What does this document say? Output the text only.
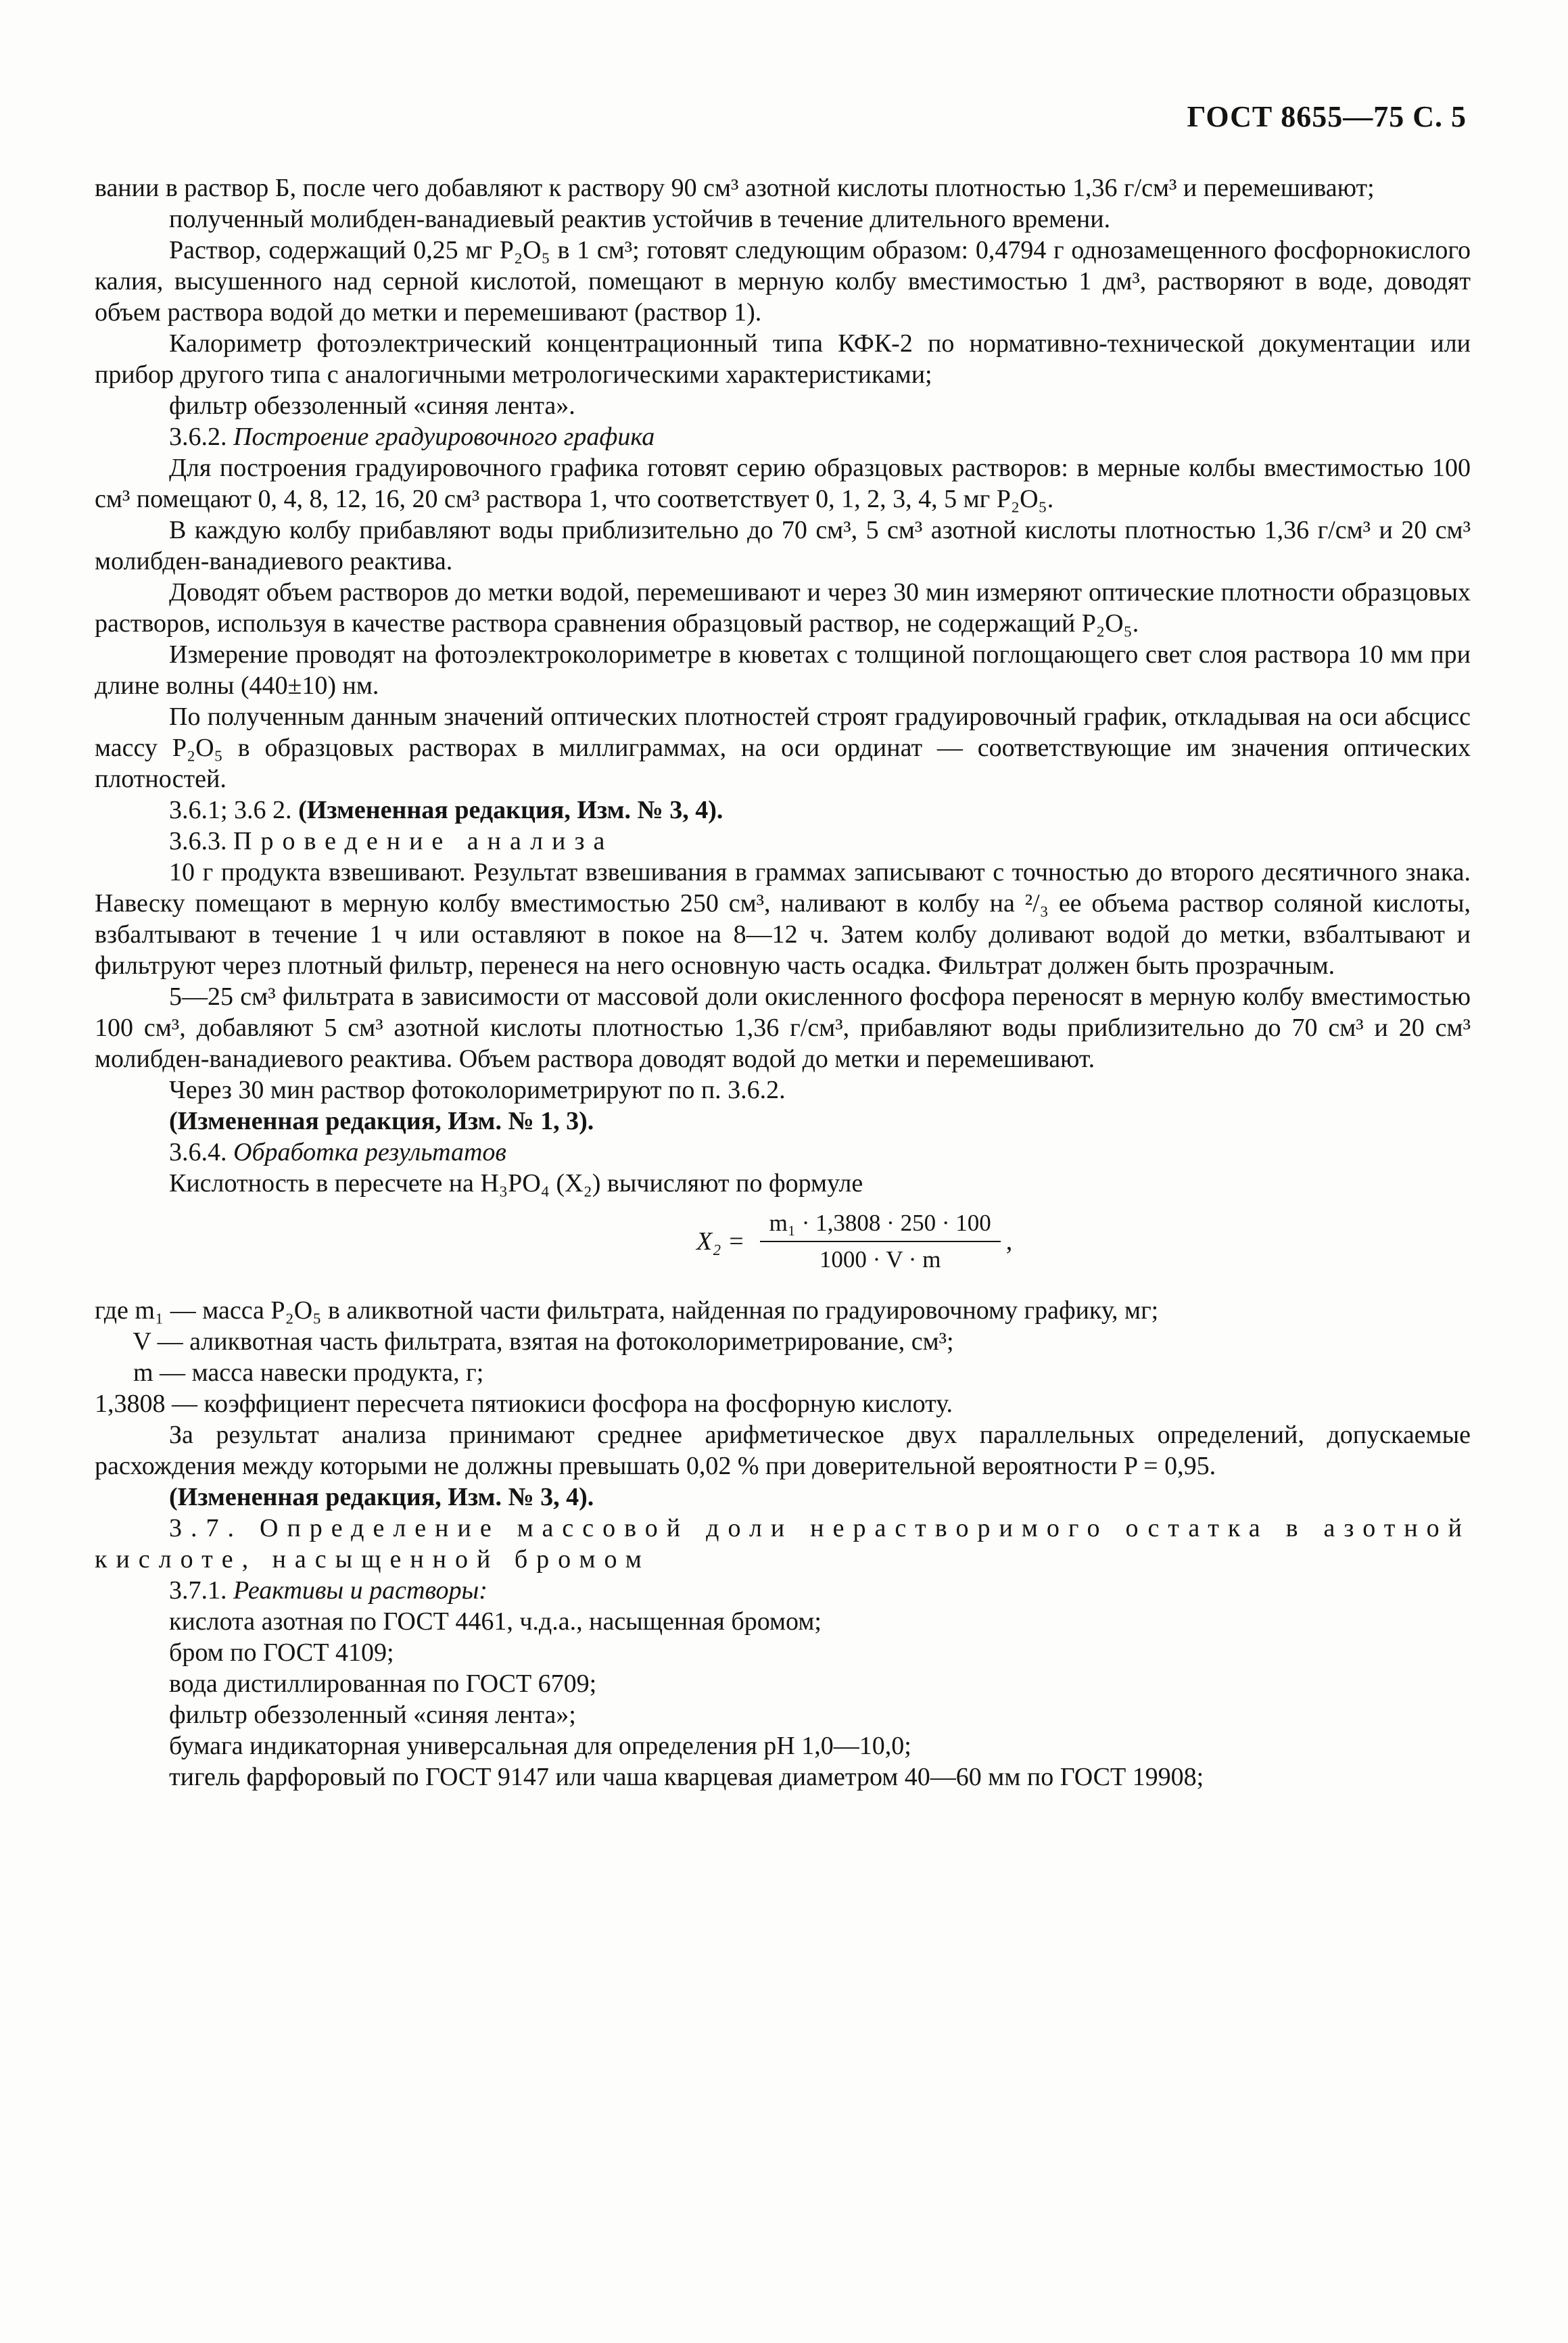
ГОСТ 8655—75 С. 5

вании в раствор Б, после чего добавляют к раствору 90 см³ азотной кислоты плотностью 1,36 г/см³ и перемешивают;

полученный молибден-ванадиевый реактив устойчив в течение длительного времени.

Раствор, содержащий 0,25 мг P₂O₅ в 1 см³; готовят следующим образом: 0,4794 г однозамещенного фосфорнокислого калия, высушенного над серной кислотой, помещают в мерную колбу вместимостью 1 дм³, растворяют в воде, доводят объем раствора водой до метки и перемешивают (раствор 1).

Калориметр фотоэлектрический концентрационный типа КФК-2 по нормативно-технической документации или прибор другого типа с аналогичными метрологическими характеристиками;

фильтр обеззоленный «синяя лента».

3.6.2. Построение градуировочного графика

Для построения градуировочного графика готовят серию образцовых растворов: в мерные колбы вместимостью 100 см³ помещают 0, 4, 8, 12, 16, 20 см³ раствора 1, что соответствует 0, 1, 2, 3, 4, 5 мг P₂O₅.

В каждую колбу прибавляют воды приблизительно до 70 см³, 5 см³ азотной кислоты плотностью 1,36 г/см³ и 20 см³ молибден-ванадиевого реактива.

Доводят объем растворов до метки водой, перемешивают и через 30 мин измеряют оптические плотности образцовых растворов, используя в качестве раствора сравнения образцовый раствор, не содержащий P₂O₅.

Измерение проводят на фотоэлектроколориметре в кюветах с толщиной поглощающего свет слоя раствора 10 мм при длине волны (440±10) нм.

По полученным данным значений оптических плотностей строят градуировочный график, откладывая на оси абсцисс массу P₂O₅ в образцовых растворах в миллиграммах, на оси ординат — соответствующие им значения оптических плотностей.

3.6.1; 3.6 2. (Измененная редакция, Изм. № 3, 4).

3.6.3. Проведение анализа

10 г продукта взвешивают. Результат взвешивания в граммах записывают с точностью до второго десятичного знака. Навеску помещают в мерную колбу вместимостью 250 см³, наливают в колбу на ²/₃ ее объема раствор соляной кислоты, взбалтывают в течение 1 ч или оставляют в покое на 8—12 ч. Затем колбу доливают водой до метки, взбалтывают и фильтруют через плотный фильтр, перенеся на него основную часть осадка. Фильтрат должен быть прозрачным.

5—25 см³ фильтрата в зависимости от массовой доли окисленного фосфора переносят в мерную колбу вместимостью 100 см³, добавляют 5 см³ азотной кислоты плотностью 1,36 г/см³, прибавляют воды приблизительно до 70 см³ и 20 см³ молибден-ванадиевого реактива. Объем раствора доводят водой до метки и перемешивают.

Через 30 мин раствор фотоколориметрируют по п. 3.6.2.

(Измененная редакция, Изм. № 1, 3).

3.6.4. Обработка результатов

Кислотность в пересчете на H₃PO₄ (X₂) вычисляют по формуле

$X_2 = \frac{\text{m₁ · 1,3808 · 250 · 100}}{1000 \cdot V \cdot m}$ ,
где m₁ — масса P₂O₅ в аликвотной части фильтрата, найденная по градуировочному графику, мг;
V — аликвотная часть фильтрата, взятая на фотоколориметрирование, см³;
m — масса навески продукта, г;
1,3808 — коэффициент пересчета пятиокиси фосфора на фосфорную кислоту.

За результат анализа принимают среднее арифметическое двух параллельных определений, допускаемые расхождения между которыми не должны превышать 0,02 % при доверительной вероятности P = 0,95.

(Измененная редакция, Изм. № 3, 4).

3.7. Определение массовой доли нерастворимого остатка в азотной кислоте, насыщенной бромом

3.7.1. Реактивы и растворы:

кислота азотная по ГОСТ 4461, ч.д.а., насыщенная бромом;

бром по ГОСТ 4109;

вода дистиллированная по ГОСТ 6709;

фильтр обеззоленный «синяя лента»;

бумага индикаторная универсальная для определения pH 1,0—10,0;

тигель фарфоровый по ГОСТ 9147 или чаша кварцевая диаметром 40—60 мм по ГОСТ 19908;
